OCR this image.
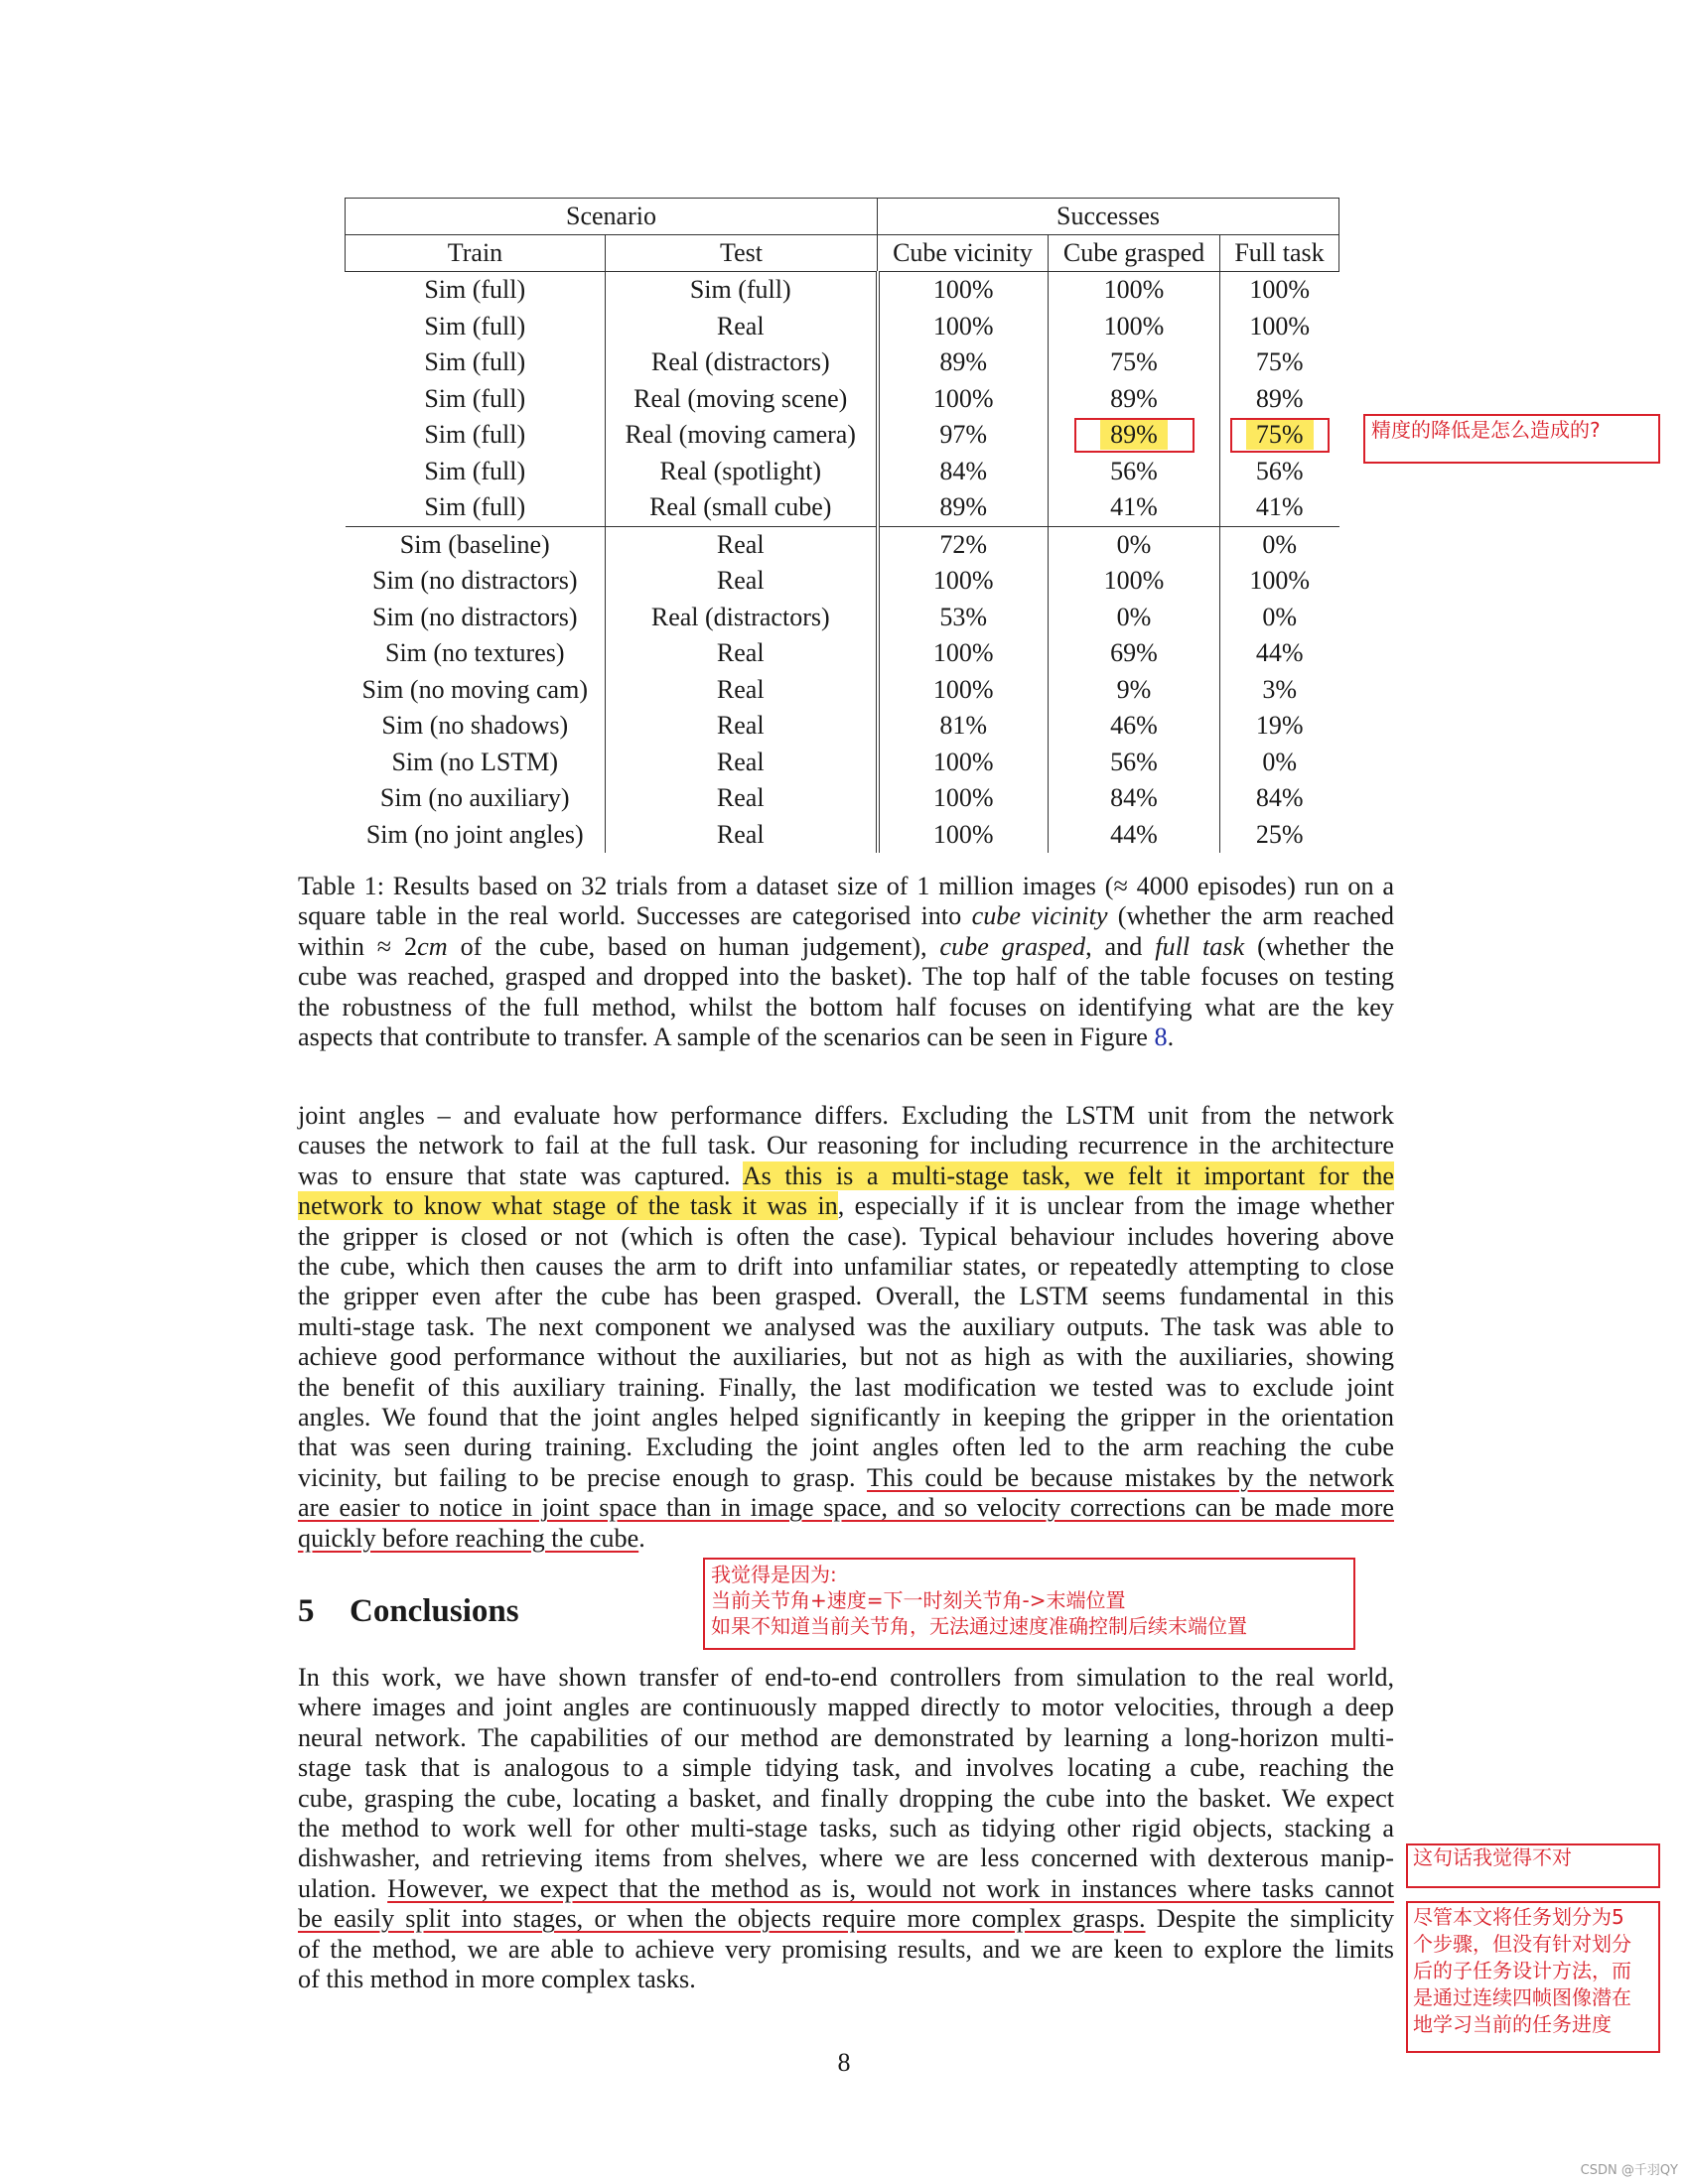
Scenario		Successes		
Train	Test	Cube vicinity	Cube grasped	Full task
Sim (full)	Sim (full)	100%	100%	100%
Sim (full)	Real	100%	100%	100%
Sim (full)	Real (distractors)	89%	75%	75%
Sim (full)	Real (moving scene)	100%	89%	89%
Sim (full)	Real (moving camera)	97%	89%	75%
Sim (full)	Real (spotlight)	84%	56%	56%
Sim (full)	Real (small cube)	89%	41%	41%
Sim (baseline)	Real	72%	0%	0%
Sim (no distractors)	Real	100%	100%	100%
Sim (no distractors)	Real (distractors)	53%	0%	0%
Sim (no textures)	Real	100%	69%	44%
Sim (no moving cam)	Real	100%	9%	3%
Sim (no shadows)	Real	81%	46%	19%
Sim (no LSTM)	Real	100%	56%	0%
Sim (no auxiliary)	Real	100%	84%	84%
Sim (no joint angles)	Real	100%	44%	25%
精度的降低是怎么造成的?

Table 1: Results based on 32 trials from a dataset size of 1 million images (≈ 4000 episodes) run on a
square table in the real world. Successes are categorised into cube vicinity (whether the arm reached
within ≈ 2cm of the cube, based on human judgement), cube grasped, and full task (whether the
cube was reached, grasped and dropped into the basket). The top half of the table focuses on testing
the robustness of the full method, whilst the bottom half focuses on identifying what are the key
aspects that contribute to transfer. A sample of the scenarios can be seen in Figure 8.

joint angles – and evaluate how performance differs. Excluding the LSTM unit from the network
causes the network to fail at the full task. Our reasoning for including recurrence in the architecture
was to ensure that state was captured. As this is a multi-stage task, we felt it important for the
network to know what stage of the task it was in, especially if it is unclear from the image whether
the gripper is closed or not (which is often the case). Typical behaviour includes hovering above
the cube, which then causes the arm to drift into unfamiliar states, or repeatedly attempting to close
the gripper even after the cube has been grasped. Overall, the LSTM seems fundamental in this
multi-stage task. The next component we analysed was the auxiliary outputs. The task was able to
achieve good performance without the auxiliaries, but not as high as with the auxiliaries, showing
the benefit of this auxiliary training. Finally, the last modification we tested was to exclude joint
angles. We found that the joint angles helped significantly in keeping the gripper in the orientation
that was seen during training. Excluding the joint angles often led to the arm reaching the cube
vicinity, but failing to be precise enough to grasp. This could be because mistakes by the network
are easier to notice in joint space than in image space, and so velocity corrections can be made more
quickly before reaching the cube.

我觉得是因为:
当前关节角+速度=下一时刻关节角->末端位置
如果不知道当前关节角，无法通过速度准确控制后续末端位置
5 Conclusions

In this work, we have shown transfer of end-to-end controllers from simulation to the real world,
where images and joint angles are continuously mapped directly to motor velocities, through a deep
neural network. The capabilities of our method are demonstrated by learning a long-horizon multi-
stage task that is analogous to a simple tidying task, and involves locating a cube, reaching the
cube, grasping the cube, locating a basket, and finally dropping the cube into the basket. We expect
the method to work well for other multi-stage tasks, such as tidying other rigid objects, stacking a
dishwasher, and retrieving items from shelves, where we are less concerned with dexterous manip-
ulation. However, we expect that the method as is, would not work in instances where tasks cannot
be easily split into stages, or when the objects require more complex grasps. Despite the simplicity
of the method, we are able to achieve very promising results, and we are keen to explore the limits
of this method in more complex tasks.

这句话我觉得不对
尽管本文将任务划分为5
个步骤，但没有针对划分
后的子任务设计方法，而
是通过连续四帧图像潜在
地学习当前的任务进度
8
CSDN @千羽QY
